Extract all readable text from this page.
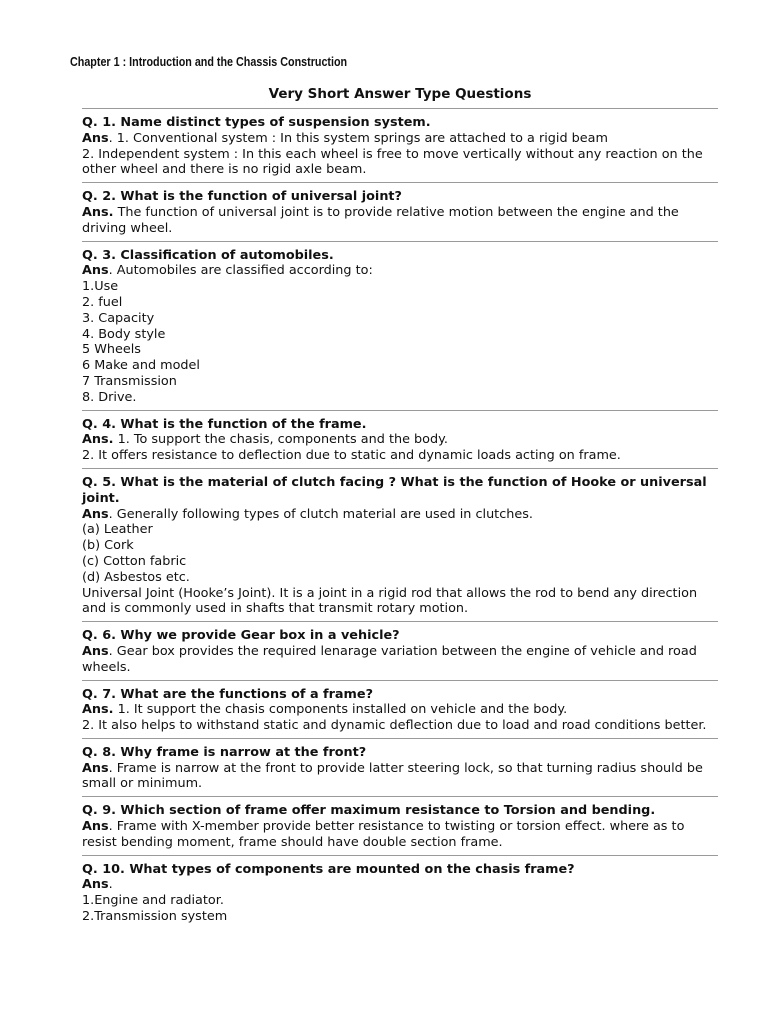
Chapter 1 : Introduction and the Chassis Construction
Very Short Answer Type Questions
Q. 1. Name distinct types of suspension system.
Ans. 1. Conventional system : In this system springs are attached to a rigid beam
2. Independent system : In this each wheel is free to move vertically without any reaction on the other wheel and there is no rigid axle beam.
Q. 2. What is the function of universal joint?
Ans. The function of universal joint is to provide relative motion between the engine and the driving wheel.
Q. 3. Classification of automobiles.
Ans. Automobiles are classified according to:
1.Use
2. fuel
3. Capacity
4. Body style
5 Wheels
6 Make and model
7 Transmission
8. Drive.
Q. 4. What is the function of the frame.
Ans. 1. To support the chasis, components and the body.
2. It offers resistance to deflection due to static and dynamic loads acting on frame.
Q. 5. What is the material of clutch facing ? What is the function of Hooke or universal joint.
Ans. Generally following types of clutch material are used in clutches.
(a) Leather
(b) Cork
(c) Cotton fabric
(d) Asbestos etc.
Universal Joint (Hooke’s Joint). It is a joint in a rigid rod that allows the rod to bend any direction and is commonly used in shafts that transmit rotary motion.
Q. 6. Why we provide Gear box in a vehicle?
Ans. Gear box provides the required lenarage variation between the engine of vehicle and road wheels.
Q. 7. What are the functions of a frame?
Ans. 1. It support the chasis components installed on vehicle and the body.
2. It also helps to withstand static and dynamic deflection due to load and road conditions better.
Q. 8. Why frame is narrow at the front?
Ans. Frame is narrow at the front to provide latter steering lock, so that turning radius should be small or minimum.
Q. 9. Which section of frame offer maximum resistance to Torsion and bending.
Ans. Frame with X-member provide better resistance to twisting or torsion effect. where as to resist bending moment, frame should have double section frame.
Q. 10. What types of components are mounted on the chasis frame?
Ans.
1.Engine and radiator.
2.Transmission system
